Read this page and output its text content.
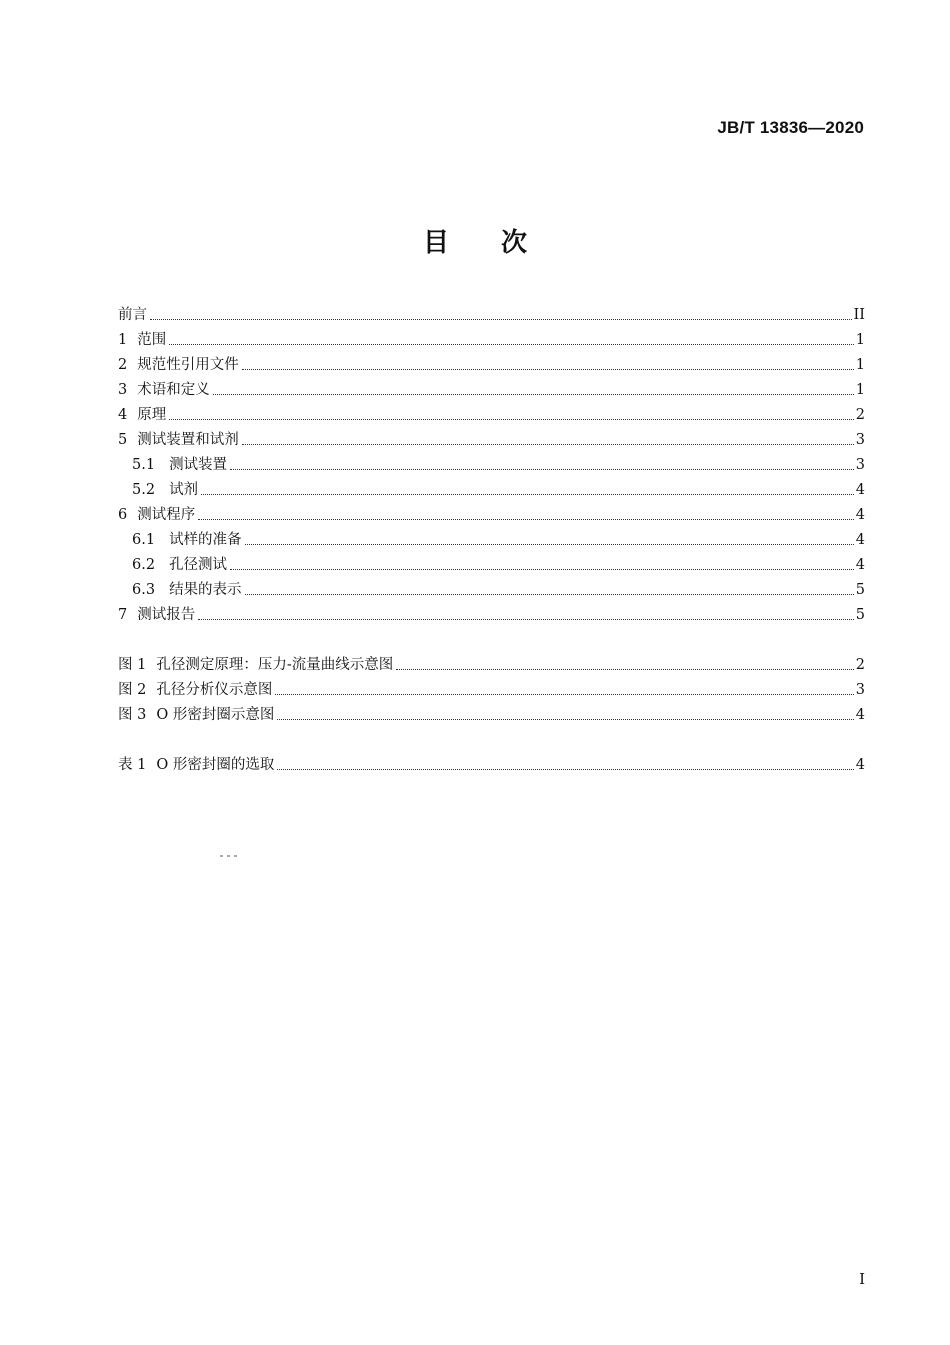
JB/T 13836—2020
目 次
前言	II
1 范围	1
2 规范性引用文件	1
3 术语和定义	1
4 原理	2
5 测试装置和试剂	3
5.1 测试装置	3
5.2 试剂	4
6 测试程序	4
6.1 试样的准备	4
6.2 孔径测试	4
6.3 结果的表示	5
7 测试报告	5
图 1 孔径测定原理：压力-流量曲线示意图	2
图 2 孔径分析仪示意图	3
图 3 O 形密封圈示意图	4
表 1 O 形密封圈的选取	4
I
